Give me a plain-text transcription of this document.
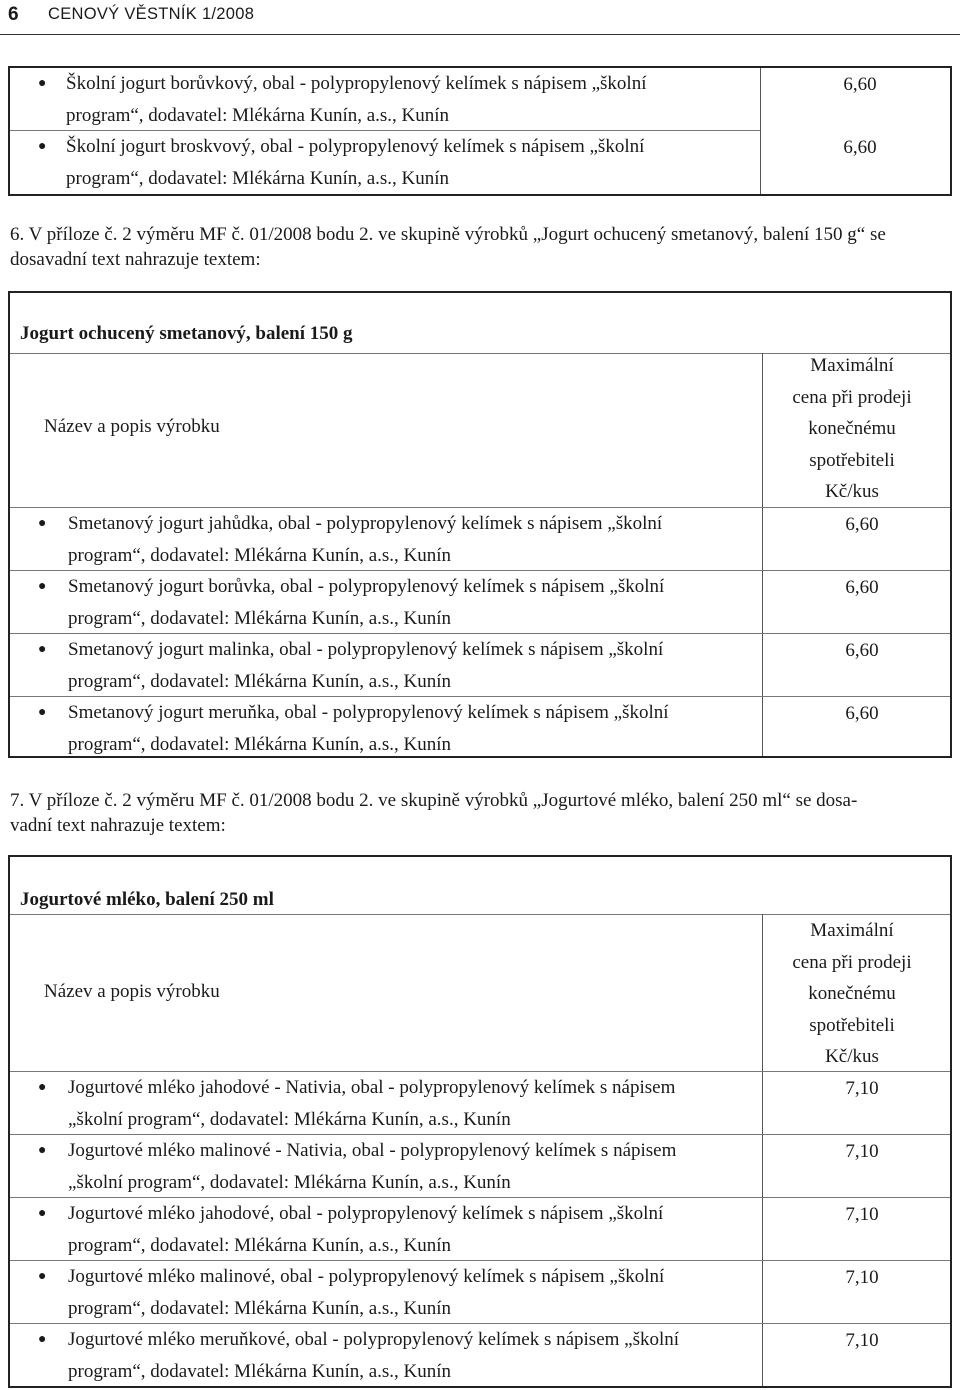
6 CENOVÝ VĚSTNÍK 1/2008
● Školní jogurt borůvkový, obal - polypropylenový kelímek s nápisem „školní
program“, dodavatel: Mlékárna Kunín, a.s., Kunín
6,60
● Školní jogurt broskvový, obal - polypropylenový kelímek s nápisem „školní
program“, dodavatel: Mlékárna Kunín, a.s., Kunín
6,60
6. V příloze č. 2 výměru MF č. 01/2008 bodu 2. ve skupině výrobků „Jogurt ochucený smetanový, balení 150 g“ se
dosavadní text nahrazuje textem:
Jogurt ochucený smetanový, balení 150 g
Název a popis výrobku
Maximální
cena při prodeji
konečnému
spotřebiteli
Kč/kus
● Smetanový jogurt jahůdka, obal - polypropylenový kelímek s nápisem „školní
program“, dodavatel: Mlékárna Kunín, a.s., Kunín
6,60
● Smetanový jogurt borůvka, obal - polypropylenový kelímek s nápisem „školní
program“, dodavatel: Mlékárna Kunín, a.s., Kunín
6,60
● Smetanový jogurt malinka, obal - polypropylenový kelímek s nápisem „školní
program“, dodavatel: Mlékárna Kunín, a.s., Kunín
6,60
● Smetanový jogurt meruňka, obal - polypropylenový kelímek s nápisem „školní
program“, dodavatel: Mlékárna Kunín, a.s., Kunín
6,60
7. V příloze č. 2 výměru MF č. 01/2008 bodu 2. ve skupině výrobků „Jogurtové mléko, balení 250 ml“ se dosa-
vadní text nahrazuje textem:
Jogurtové mléko, balení 250 ml
Název a popis výrobku
Maximální
cena při prodeji
konečnému
spotřebiteli
Kč/kus
● Jogurtové mléko jahodové - Nativia, obal - polypropylenový kelímek s nápisem
„školní program“, dodavatel: Mlékárna Kunín, a.s., Kunín
7,10
● Jogurtové mléko malinové - Nativia, obal - polypropylenový kelímek s nápisem
„školní program“, dodavatel: Mlékárna Kunín, a.s., Kunín
7,10
● Jogurtové mléko jahodové, obal - polypropylenový kelímek s nápisem „školní
program“, dodavatel: Mlékárna Kunín, a.s., Kunín
7,10
● Jogurtové mléko malinové, obal - polypropylenový kelímek s nápisem „školní
program“, dodavatel: Mlékárna Kunín, a.s., Kunín
7,10
● Jogurtové mléko meruňkové, obal - polypropylenový kelímek s nápisem „školní
program“, dodavatel: Mlékárna Kunín, a.s., Kunín
7,10
